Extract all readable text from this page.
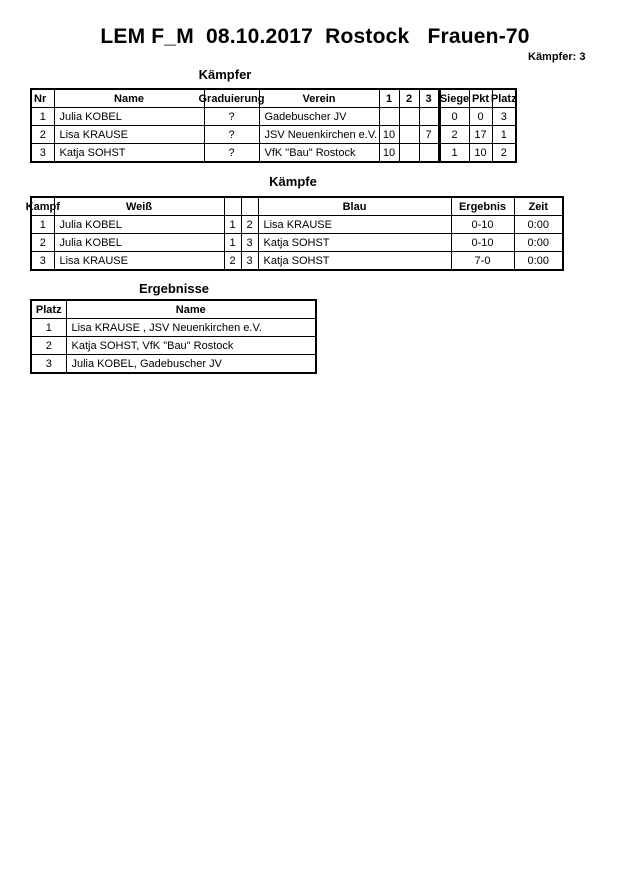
LEM F_M  08.10.2017  Rostock   Frauen-70
Kämpfer: 3
Kämpfer
Nr	Name	Graduierung	Verein	1	2	3	Siege	Pkt	Platz

1	Julia KOBEL	?	Gadebuscher JV				0	0	3
2	Lisa KRAUSE	?	JSV Neuenkirchen e.V.	10		7	2	17	1
3	Katja SOHST	?	VfK "Bau" Rostock	10			1	10	2
Kämpfe
Kampf	Weiß			Blau	Ergebnis	Zeit

1	Julia KOBEL	1	2	Lisa KRAUSE	0-10	0:00
2	Julia KOBEL	1	3	Katja SOHST	0-10	0:00
3	Lisa KRAUSE	2	3	Katja SOHST	7-0	0:00
Ergebnisse
Platz	Name

1	Lisa KRAUSE , JSV Neuenkirchen e.V.
2	Katja SOHST, VfK "Bau" Rostock
3	Julia KOBEL, Gadebuscher JV
